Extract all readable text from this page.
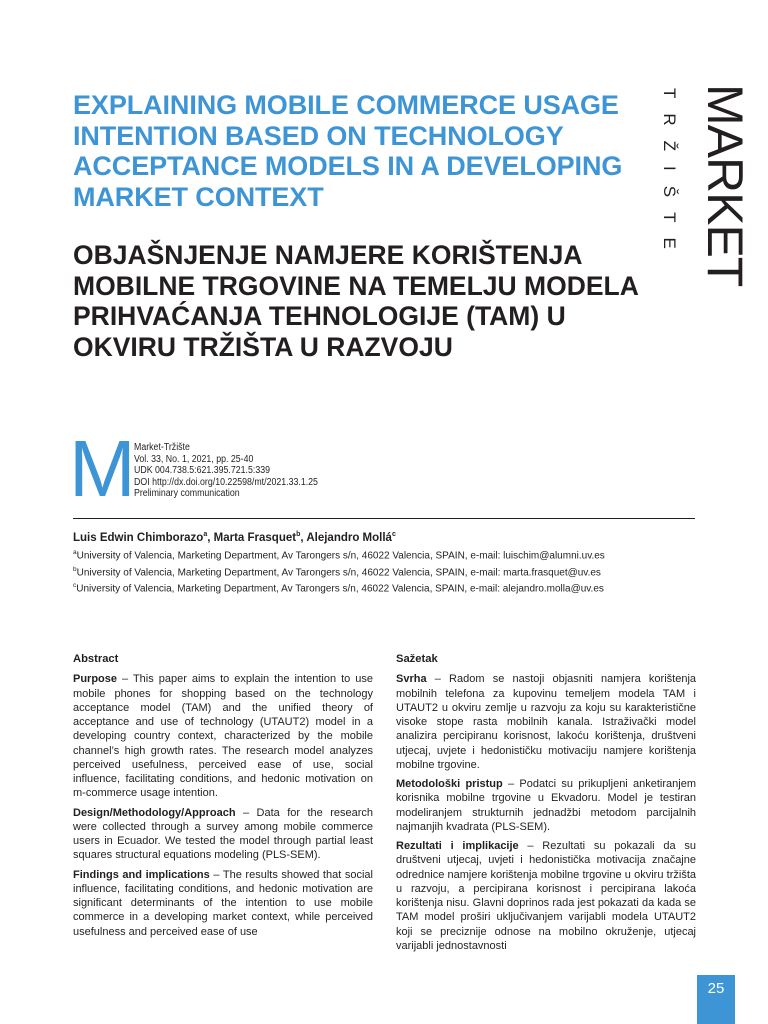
EXPLAINING MOBILE COMMERCE USAGE INTENTION BASED ON TECHNOLOGY ACCEPTANCE MODELS IN A DEVELOPING MARKET CONTEXT
OBJAŠNJENJE NAMJERE KORIŠTENJA MOBILNE TRGOVINE NA TEMELJU MODELA PRIHVAĆANJA TEHNOLOGIJE (TAM) U OKVIRU TRŽIŠTA U RAZVOJU
MARKET
TRŽIŠTE
M
Market-Tržište
Vol. 33, No. 1, 2021, pp. 25-40
UDK 004.738.5:621.395.721.5:339
DOI http://dx.doi.org/10.22598/mt/2021.33.1.25
Preliminary communication
Luis Edwin Chimborazo$^a$, Marta Frasquet$^b$, Alejandro Mollá$^c$
$^a$University of Valencia, Marketing Department, Av Tarongers s/n, 46022 Valencia, SPAIN, e-mail: luischim@alumni.uv.es
$^b$University of Valencia, Marketing Department, Av Tarongers s/n, 46022 Valencia, SPAIN, e-mail: marta.frasquet@uv.es
$^c$University of Valencia, Marketing Department, Av Tarongers s/n, 46022 Valencia, SPAIN, e-mail: alejandro.molla@uv.es
Abstract

Purpose – This paper aims to explain the intention to use mobile phones for shopping based on the technology acceptance model (TAM) and the unified theory of acceptance and use of technology (UTAUT2) model in a developing country context, characterized by the mobile channel’s high growth rates. The research model analyzes perceived usefulness, perceived ease of use, social influence, facilitating conditions, and hedonic motivation on m-commerce usage intention.

Design/Methodology/Approach – Data for the research were collected through a survey among mobile commerce users in Ecuador. We tested the model through partial least squares structural equations modeling (PLS-SEM).

Findings and implications – The results showed that social influence, facilitating conditions, and hedonic motivation are significant determinants of the intention to use mobile commerce in a developing market context, while perceived usefulness and perceived ease of use

Sažetak

Svrha – Radom se nastoji objasniti namjera korištenja mobilnih telefona za kupovinu temeljem modela TAM i UTAUT2 u okviru zemlje u razvoju za koju su karakteristične visoke stope rasta mobilnih kanala. Istraživački model analizira percipiranu korisnost, lakoću korištenja, društveni utjecaj, uvjete i hedonističku motivaciju namjere korištenja mobilne trgovine.

Metodološki pristup – Podatci su prikupljeni anketiranjem korisnika mobilne trgovine u Ekvadoru. Model je testiran modeliranjem strukturnih jednadžbi metodom parcijalnih najmanjih kvadrata (PLS-SEM).

Rezultati i implikacije – Rezultati su pokazali da su društveni utjecaj, uvjeti i hedonistička motivacija značajne odrednice namjere korištenja mobilne trgovine u okviru tržišta u razvoju, a percipirana korisnost i percipirana lakoća korištenja nisu. Glavni doprinos rada jest pokazati da kada se TAM model proširi uključivanjem varijabli modela UTAUT2 koji se preciznije odnose na mobilno okruženje, utjecaj varijabli jednostavnosti

25
